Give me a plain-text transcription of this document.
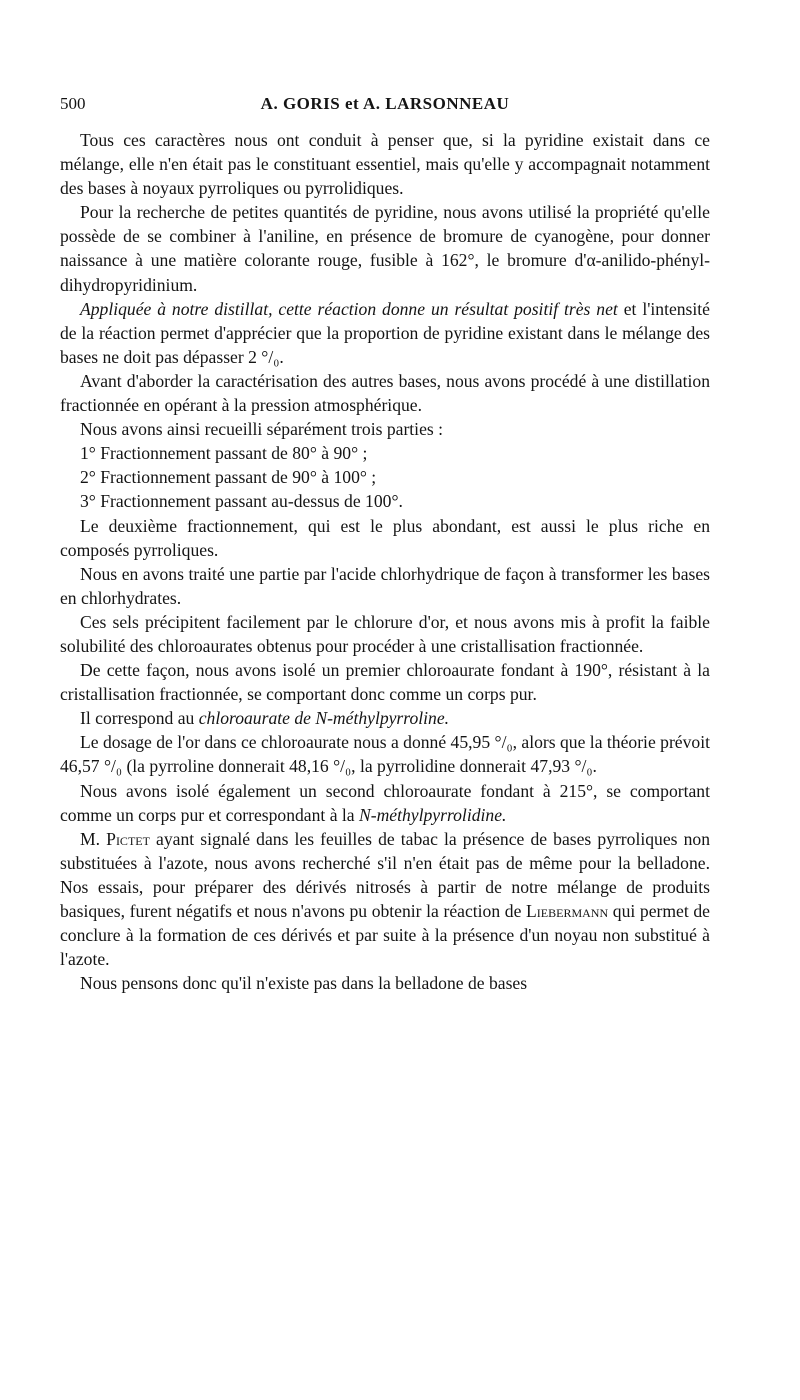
500	A. GORIS et A. LARSONNEAU

Tous ces caractères nous ont conduit à penser que, si la pyridine existait dans ce mélange, elle n'en était pas le constituant essentiel, mais qu'elle y accompagnait notamment des bases à noyaux pyrroliques ou pyrrolidiques.

Pour la recherche de petites quantités de pyridine, nous avons utilisé la propriété qu'elle possède de se combiner à l'aniline, en présence de bromure de cyanogène, pour donner naissance à une matière colorante rouge, fusible à 162°, le bromure d'α-anilido-phényl-dihydropyridinium.

Appliquée à notre distillat, cette réaction donne un résultat positif très net et l'intensité de la réaction permet d'apprécier que la proportion de pyridine existant dans le mélange des bases ne doit pas dépasser 2 °/₀.

Avant d'aborder la caractérisation des autres bases, nous avons procédé à une distillation fractionnée en opérant à la pression atmosphérique.

Nous avons ainsi recueilli séparément trois parties :

1° Fractionnement passant de 80° à 90° ;

2° Fractionnement passant de 90° à 100° ;

3° Fractionnement passant au-dessus de 100°.

Le deuxième fractionnement, qui est le plus abondant, est aussi le plus riche en composés pyrroliques.

Nous en avons traité une partie par l'acide chlorhydrique de façon à transformer les bases en chlorhydrates.

Ces sels précipitent facilement par le chlorure d'or, et nous avons mis à profit la faible solubilité des chloroaurates obtenus pour procéder à une cristallisation fractionnée.

De cette façon, nous avons isolé un premier chloroaurate fondant à 190°, résistant à la cristallisation fractionnée, se comportant donc comme un corps pur.

Il correspond au chloroaurate de N-méthylpyrroline.

Le dosage de l'or dans ce chloroaurate nous a donné 45,95 °/₀, alors que la théorie prévoit 46,57 °/₀ (la pyrroline donnerait 48,16 °/₀, la pyrrolidine donnerait 47,93 °/₀.

Nous avons isolé également un second chloroaurate fondant à 215°, se comportant comme un corps pur et correspondant à la N-méthylpyrrolidine.

M. Pictet ayant signalé dans les feuilles de tabac la présence de bases pyrroliques non substituées à l'azote, nous avons recherché s'il n'en était pas de même pour la belladone. Nos essais, pour préparer des dérivés nitrosés à partir de notre mélange de produits basiques, furent négatifs et nous n'avons pu obtenir la réaction de Liebermann qui permet de conclure à la formation de ces dérivés et par suite à la présence d'un noyau non substitué à l'azote.

Nous pensons donc qu'il n'existe pas dans la belladone de bases
